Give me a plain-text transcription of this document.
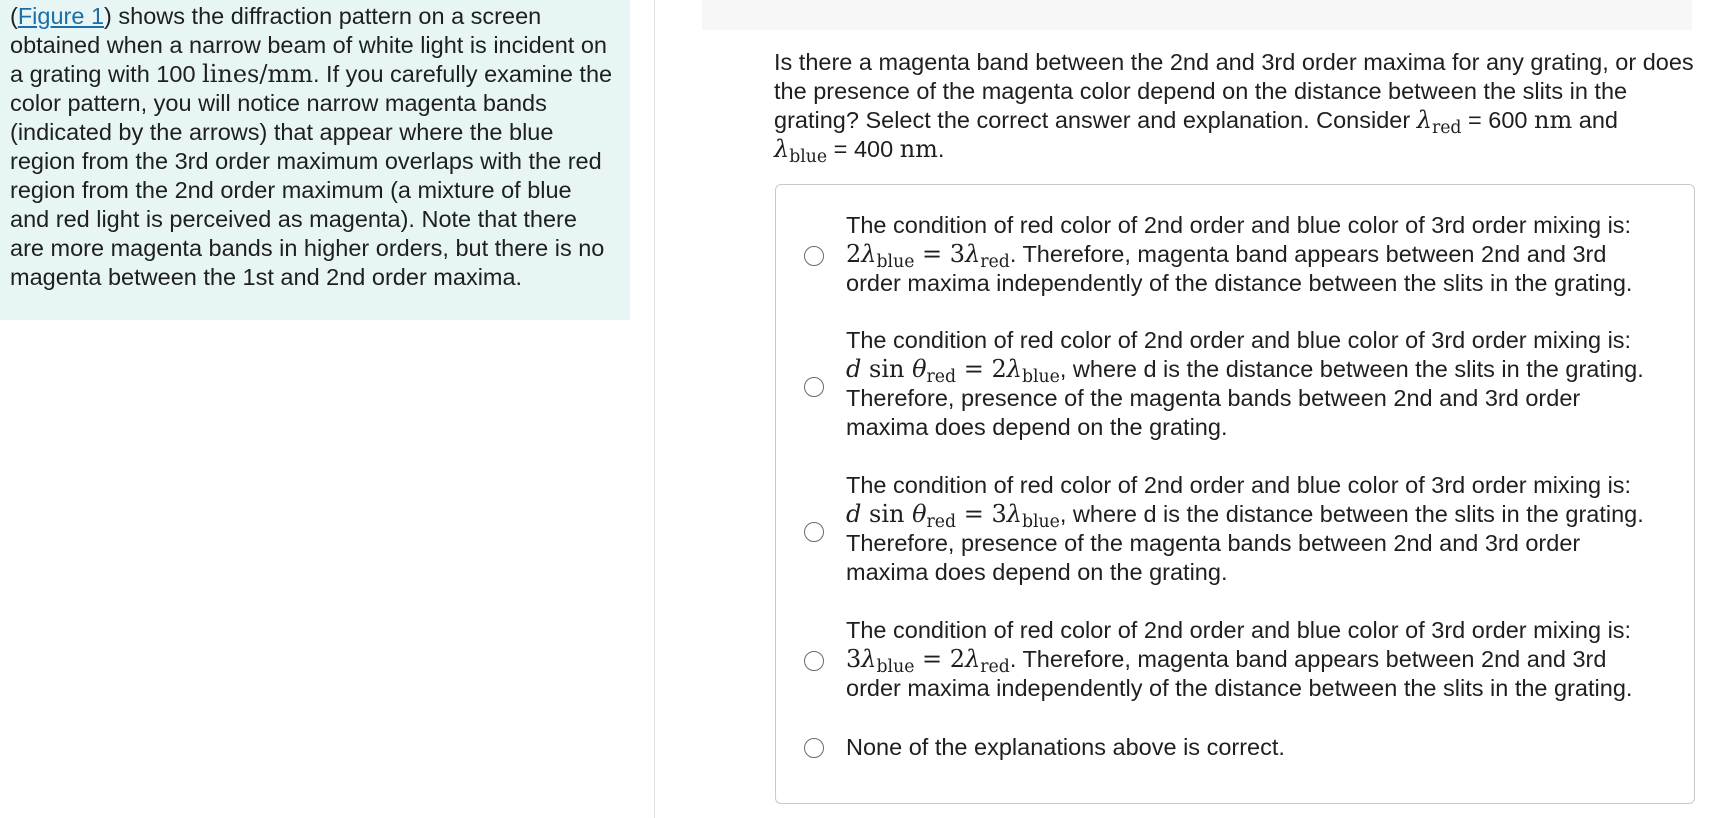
(Figure 1) shows the diffraction pattern on a screen obtained when a narrow beam of white light is incident on a grating with 100 lines/mm. If you carefully examine the color pattern, you will notice narrow magenta bands (indicated by the arrows) that appear where the blue region from the 3rd order maximum overlaps with the red region from the 2nd order maximum (a mixture of blue and red light is perceived as magenta). Note that there are more magenta bands in higher orders, but there is no magenta between the 1st and 2nd order maxima.

Is there a magenta band between the 2nd and 3rd order maxima for any grating, or does the presence of the magenta color depend on the distance between the slits in the grating? Select the correct answer and explanation. Consider $\lambda_{red} = 600$ nm and
$\lambda_{blue} = 400$ nm.

The condition of red color of 2nd order and blue color of 3rd order mixing is:
$2\lambda_{blue} = 3\lambda_{red}$. Therefore, magenta band appears between 2nd and 3rd
order maxima independently of the distance between the slits in the grating.
The condition of red color of 2nd order and blue color of 3rd order mixing is:
d $\sin \theta_{red} = 2\lambda_{blue}$, where d is the distance between the slits in the grating.
Therefore, presence of the magenta bands between 2nd and 3rd order
maxima does depend on the grating.
The condition of red color of 2nd order and blue color of 3rd order mixing is:
d $\sin \theta_{red} = 3\lambda_{blue}$, where d is the distance between the slits in the grating.
Therefore, presence of the magenta bands between 2nd and 3rd order
maxima does depend on the grating.
The condition of red color of 2nd order and blue color of 3rd order mixing is:
$3\lambda_{blue} = 2\lambda_{red}$. Therefore, magenta band appears between 2nd and 3rd
order maxima independently of the distance between the slits in the grating.
None of the explanations above is correct.
